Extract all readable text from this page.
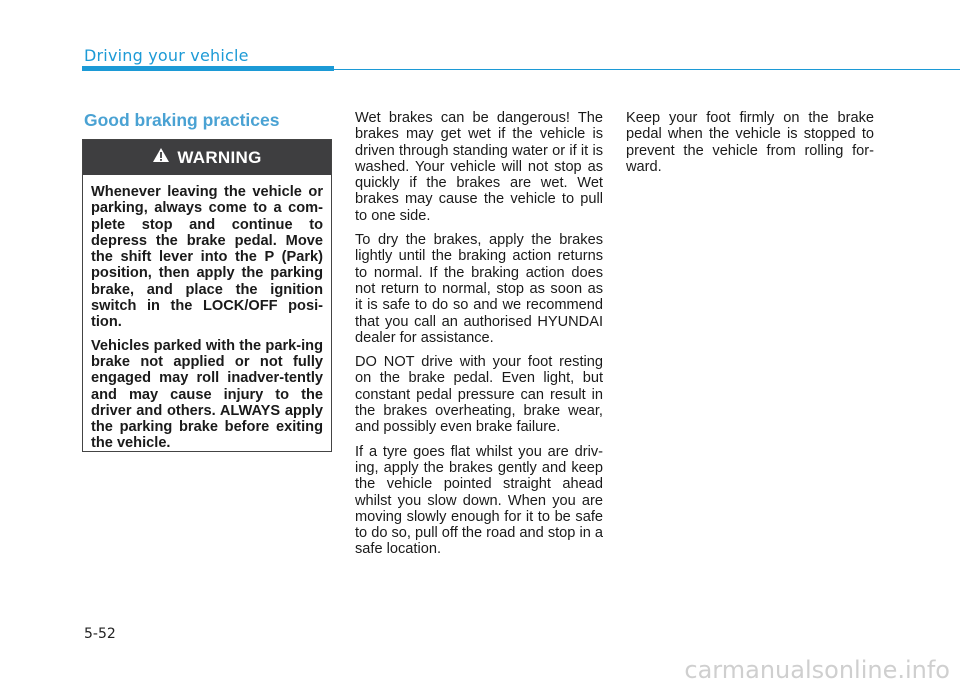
Driving your vehicle
Good braking practices
WARNING

Whenever leaving the vehicle or parking, always come to a com-plete stop and continue to depress the brake pedal. Move the shift lever into the P (Park) position, then apply the parking brake, and place the ignition switch in the LOCK/OFF posi-tion.

Vehicles parked with the park-ing brake not applied or not fully engaged may roll inadver-tently and may cause injury to the driver and others. ALWAYS apply the parking brake before exiting the vehicle.

Wet brakes can be dangerous! The brakes may get wet if the vehicle is driven through standing water or if it is washed. Your vehicle will not stop as quickly if the brakes are wet. Wet brakes may cause the vehicle to pull to one side.

To dry the brakes, apply the brakes lightly until the braking action returns to normal. If the braking action does not return to normal, stop as soon as it is safe to do so and we recommend that you call an authorised HYUNDAI dealer for assistance.

DO NOT drive with your foot resting on the brake pedal. Even light, but constant pedal pressure can result in the brakes overheating, brake wear, and possibly even brake failure.

If a tyre goes flat whilst you are driv-ing, apply the brakes gently and keep the vehicle pointed straight ahead whilst you slow down. When you are moving slowly enough for it to be safe to do so, pull off the road and stop in a safe location.

Keep your foot firmly on the brake pedal when the vehicle is stopped to prevent the vehicle from rolling for-ward.

5-52
carmanualsonline.info
